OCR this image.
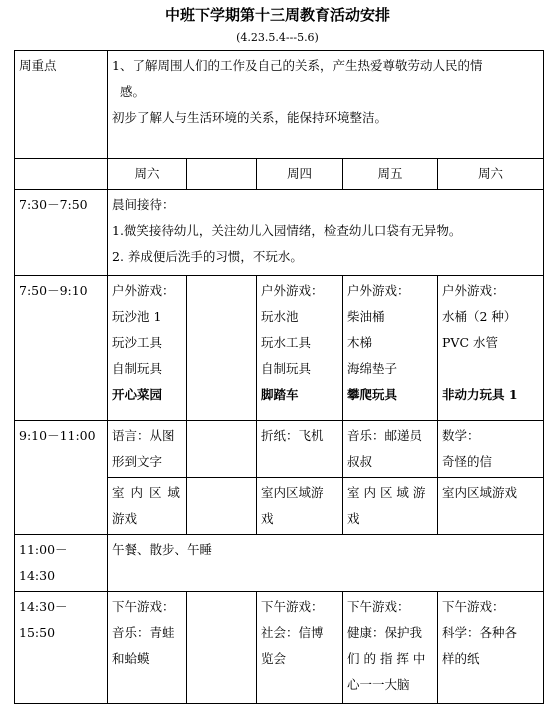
中班下学期第十三周教育活动安排
(4.23.5.4---5.6)
周重点	1、了解周围人们的工作及自己的关系，产生热爱尊敬劳动人民的情
感。
初步了解人与生活环境的关系，能保持环境整洁。				

	周六		周四	周五	周六
7:30－7:50	晨间接待：
1.微笑接待幼儿，关注幼儿入园情绪，检查幼儿口袋有无异物。
2. 养成便后洗手的习惯，不玩水。				

7:50－9:10	户外游戏：
玩沙池 1
玩沙工具
自制玩具
开心菜园		户外游戏：
玩水池
玩水工具
自制玩具
脚踏车	户外游戏：
柴油桶
木梯
海绵垫子
攀爬玩具	户外游戏：
水桶（2 种）
PVC 水管
非动力玩具 1

9:10－11:00	语言：从图
形到文字		折纸：飞机	音乐：邮递员
叔叔	数学：
奇怪的信

	室 内 区 域
游戏		室内区域游
戏	室 内 区 域 游
戏	室内区域游戏

11:00－14:30	午餐、散步、午睡				
14:30－15:50	下午游戏：
音乐：青蛙
和蛤蟆		下午游戏：
社会：信博
览会	下午游戏：
健康：保护我
们 的 指 挥 中
心一一大脑	下午游戏：
科学：各种各
样的纸
